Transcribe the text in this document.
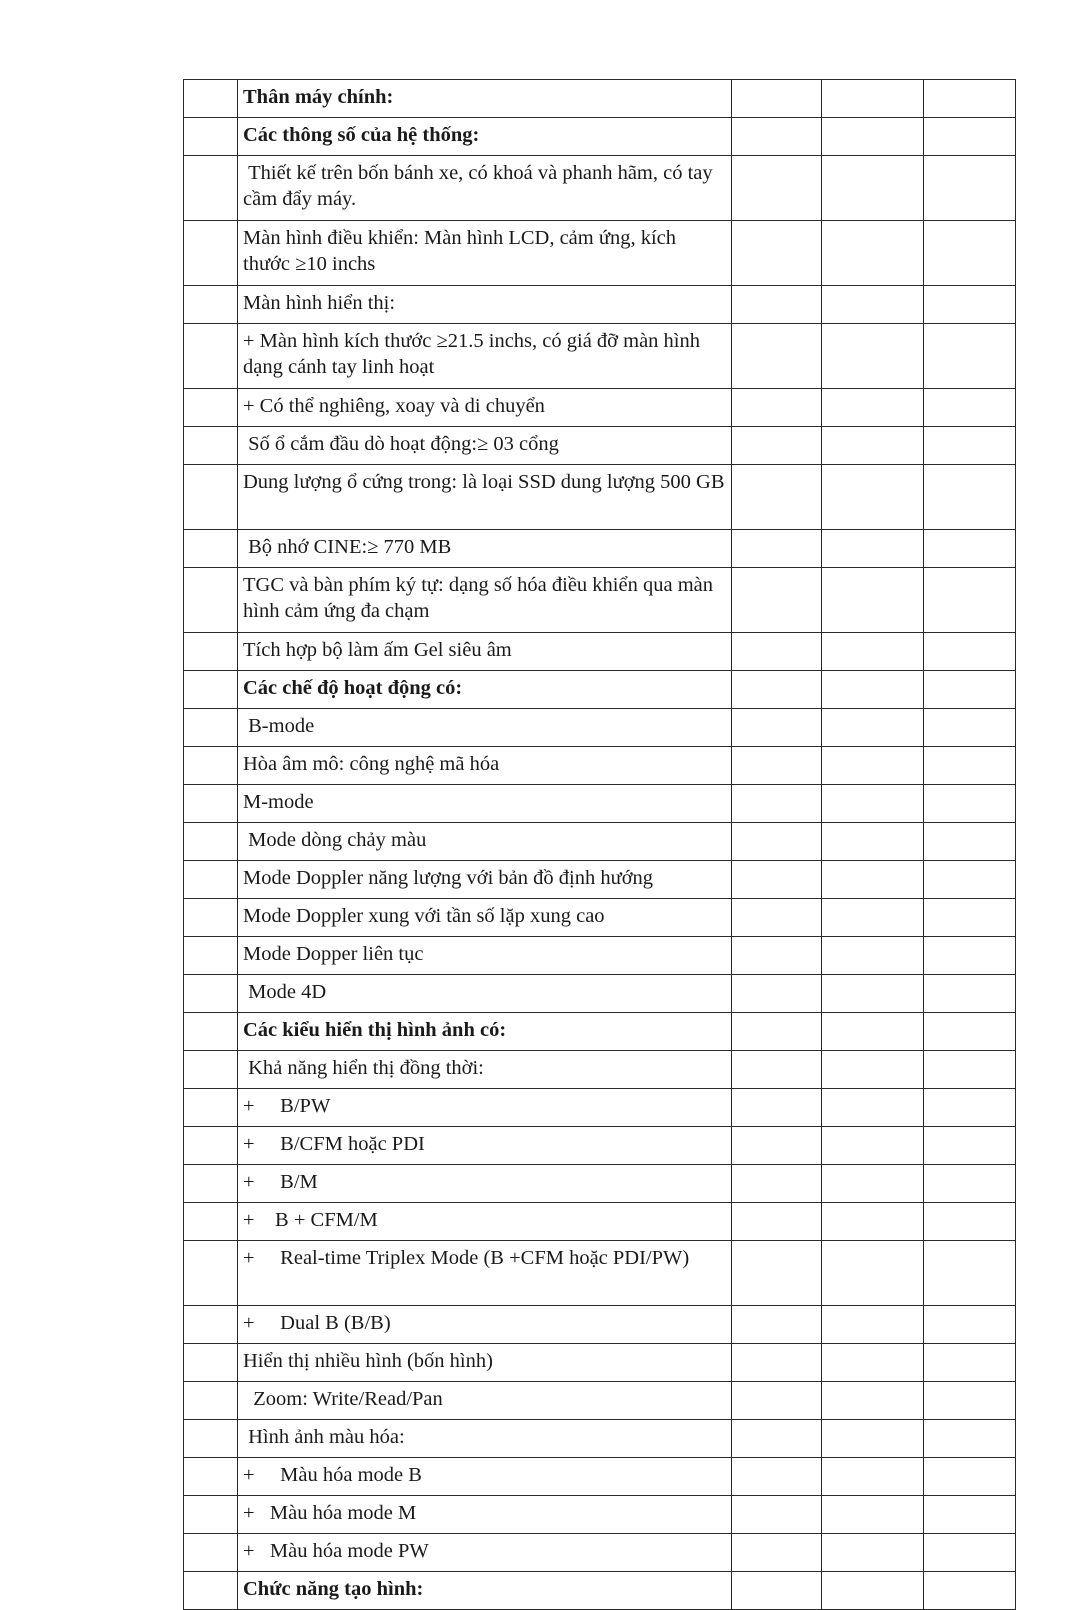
	Thân máy chính:			
	Các thông số của hệ thống:			
	Thiết kế trên bốn bánh xe, có khoá và phanh hãm, có tay cầm đẩy máy.			
	Màn hình điều khiển: Màn hình LCD, cảm ứng, kích thước ≥10 inchs			
	Màn hình hiển thị:			
	+ Màn hình kích thước ≥21.5 inchs, có giá đỡ màn hình dạng cánh tay linh hoạt			
	+ Có thể nghiêng, xoay và di chuyển			
	Số ổ cắm đầu dò hoạt động:≥ 03 cổng			
	Dung lượng ổ cứng trong: là loại SSD dung lượng 500 GB			
	Bộ nhớ CINE:≥ 770 MB			
	TGC và bàn phím ký tự: dạng số hóa điều khiển qua màn hình cảm ứng đa chạm			
	Tích hợp bộ làm ấm Gel siêu âm			
	Các chế độ hoạt động có:			
	B-mode			
	Hòa âm mô: công nghệ mã hóa			
	M-mode			
	Mode dòng chảy màu			
	Mode Doppler năng lượng với bản đồ định hướng			
	Mode Doppler xung với tần số lặp xung cao			
	Mode Dopper liên tục			
	Mode 4D			
	Các kiểu hiển thị hình ảnh có:			
	Khả năng hiển thị đồng thời:			
	+     B/PW			
	+     B/CFM hoặc PDI			
	+     B/M			
	+    B + CFM/M			
	+     Real-time Triplex Mode (B +CFM hoặc PDI/PW)			
	+     Dual B (B/B)			
	Hiển thị nhiều hình (bốn hình)			
	Zoom: Write/Read/Pan			
	Hình ảnh màu hóa:			
	+     Màu hóa mode B			
	+   Màu hóa mode M			
	+   Màu hóa mode PW			
	Chức năng tạo hình:			
